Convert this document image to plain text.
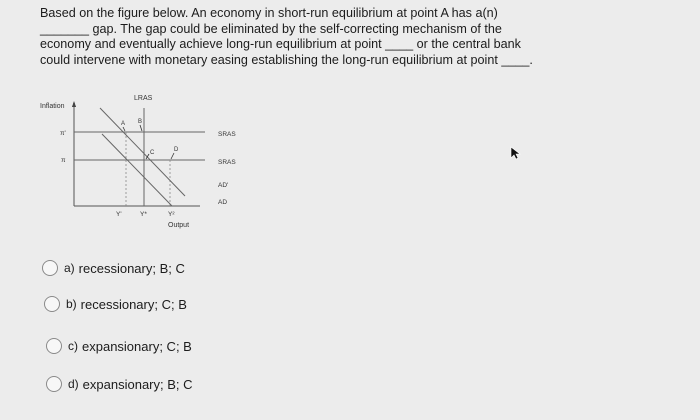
Based on the figure below. An economy in short-run equilibrium at point A has a(n) _______ gap. The gap could be eliminated by the self-correcting mechanism of the economy and eventually achieve long-run equilibrium at point ____ or the central bank could intervene with monetary easing establishing the long-run equilibrium at point ____.

LRAS
Inflation
π'
π
A B
C	D
SRAS
SRAS
AD'
AD
Y'	Y*	Y²
Output
a) recessionary; B; C
b) recessionary; C; B
c) expansionary; C; B
d) expansionary; B; C
